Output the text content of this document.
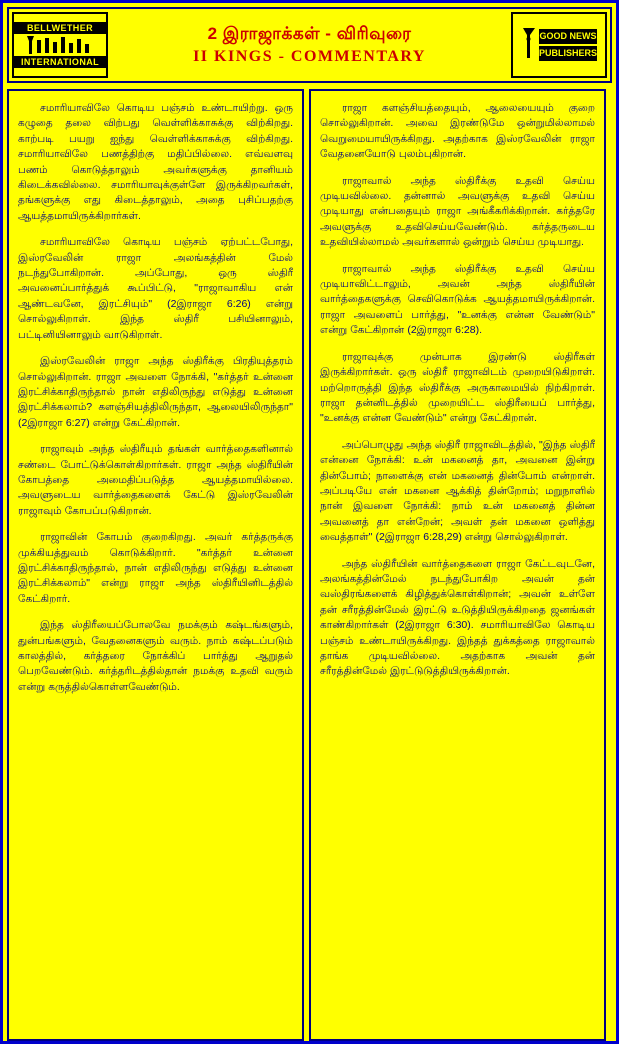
BELLWETHER
INTERNATIONAL
2 இராஜாக்கள் - விரிவுரை
II KINGS - COMMENTARY
GOOD NEWS
PUBLISHERS

சமாரியாவிலே கொடிய பஞ்சம் உண்டாயிற்று. ஒரு கழுதை தலை விற்பது வெள்ளிக்காசுக்கு விற்கிறது. காற்படி பயறு ஐந்து வெள்ளிக்காசுக்கு விற்கிறது. சமாரியாவிலே பணத்திற்கு மதிப்பில்லை. எவ்வளவு பணம் கொடுத்தாலும் அவர்களுக்கு தானியம் கிடைக்கவில்லை. சமாரியாவுக்குள்ளே இருக்கிறவர்கள், தங்களுக்கு எது கிடைத்தாலும், அதை புசிப்பதற்கு ஆயத்தமாயிருக்கிறார்கள்.

சமாரியாவிலே கொடிய பஞ்சம் ஏற்பட்டபோது, இஸ்ரவேலின் ராஜா அலங்கத்தின் மேல் நடந்துபோகிறான். அப்போது, ஒரு ஸ்திரீ அவனைப்பார்த்துக் கூப்பிட்டு, "ராஜாவாகிய என் ஆண்டவனே, இரட்சியும்" (2இராஜா 6:26) என்று சொல்லுகிறாள். இந்த ஸ்திரீ பசியினாலும், பட்டினியினாலும் வாடுகிறாள்.

இஸ்ரவேலின் ராஜா அந்த ஸ்திரீக்கு பிரதியுத்தரம் சொல்லுகிறான். ராஜா அவளை நோக்கி, "கர்த்தர் உன்னை இரட்சிக்காதிருந்தால் நான் எதிலிருந்து எடுத்து உன்னை இரட்சிக்கலாம்? களஞ்சியத்திலிருந்தா, ஆலையிலிருந்தா" (2இராஜா 6:27) என்று கேட்கிறான்.

ராஜாவும் அந்த ஸ்திரீயும் தங்கள் வார்த்தைகளினால் சண்டை போட்டுக்கொள்கிறார்கள். ராஜா அந்த ஸ்திரீயின் கோபத்தை அமைதிப்படுத்த ஆயத்தமாயில்லை. அவளுடைய வார்த்தைகளைக் கேட்டு இஸ்ரவேலின் ராஜாவும் கோபப்படுகிறான்.

ராஜாவின் கோபம் குறைகிறது. அவர் கர்த்தருக்கு முக்கியத்துவம் கொடுக்கிறார். "கர்த்தர் உன்னை இரட்சிக்காதிருந்தால், நான் எதிலிருந்து எடுத்து உன்னை இரட்சிக்கலாம்" என்று ராஜா அந்த ஸ்திரீயினிடத்தில் கேட்கிறார்.

இந்த ஸ்திரீயைப்போலவே நமக்கும் கஷ்டங்களும், துன்பங்களும், வேதனைகளும் வரும். நாம் கஷ்டப்படும் காலத்தில், கர்த்தரை நோக்கிப் பார்த்து ஆறுதல் பெறவேண்டும். கர்த்தரிடத்தில்தான் நமக்கு உதவி வரும் என்று கருத்தில்கொள்ளவேண்டும்.

ராஜா களஞ்சியத்தையும், ஆலையையும் குறை சொல்லுகிறான். அவை இரண்டுமே ஒன்றுமில்லாமல் வெறுமையாயிருக்கிறது. அதற்காக இஸ்ரவேலின் ராஜா வேதனையோடு புலம்புகிறான்.

ராஜாவால் அந்த ஸ்திரீக்கு உதவி செய்ய முடியவில்லை. தன்னால் அவளுக்கு உதவி செய்ய முடியாது என்பதையும் ராஜா அங்கீகரிக்கிறான். கர்த்தரே அவளுக்கு உதவிசெய்யவேண்டும். கர்த்தருடைய உதவியில்லாமல் அவர்களால் ஒன்றும் செய்ய முடியாது.

ராஜாவால் அந்த ஸ்திரீக்கு உதவி செய்ய முடியாவிட்டாலும், அவன் அந்த ஸ்திரீயின் வார்த்தைகளுக்கு செவிகொடுக்க ஆயத்தமாயிருக்கிறான். ராஜா அவளைப் பார்த்து, "உனக்கு என்ன வேண்டும்" என்று கேட்கிறான் (2இராஜா 6:28).

ராஜாவுக்கு முன்பாக இரண்டு ஸ்திரீகள் இருக்கிறார்கள். ஒரு ஸ்திரீ ராஜாவிடம் முறையிடுகிறாள். மற்றொருத்தி இந்த ஸ்திரீக்கு அருகாமையில் நிற்கிறாள். ராஜா தன்னிடத்தில் முறையிட்ட ஸ்திரீயைப் பார்த்து, "உனக்கு என்ன வேண்டும்" என்று கேட்கிறான்.

அப்பொழுது அந்த ஸ்திரீ ராஜாவிடத்தில், "இந்த ஸ்திரீ என்னை நோக்கி: உன் மகனைத் தா, அவனை இன்று தின்போம்; நாளைக்கு என் மகனைத் தின்போம் என்றாள். அப்படியே என் மகனை ஆக்கித் தின்றோம்; மறுநாளில் நான் இவளை நோக்கி: நாம் உன் மகனைத் தின்ன அவனைத் தா என்றேன்; அவள் தன் மகனை ஒளித்து வைத்தாள்" (2இராஜா 6:28,29) என்று சொல்லுகிறாள்.

அந்த ஸ்திரீயின் வார்த்தைகளை ராஜா கேட்டவுடனே, அலங்கத்தின்மேல் நடந்துபோகிற அவன் தன் வஸ்திரங்களைக் கிழித்துக்கொள்கிறான்; அவன் உள்ளே தன் சரீரத்தின்மேல் இரட்டு உடுத்தியிருக்கிறதை ஜனங்கள் காண்கிறார்கள் (2இராஜா 6:30). சமாரியாவிலே கொடிய பஞ்சம் உண்டாயிருக்கிறது. இந்தத் துக்கத்தை ராஜாவால் தாங்க முடியவில்லை. அதற்காக அவன் தன் சரீரத்தின்மேல் இரட்டுடுத்தியிருக்கிறான்.
